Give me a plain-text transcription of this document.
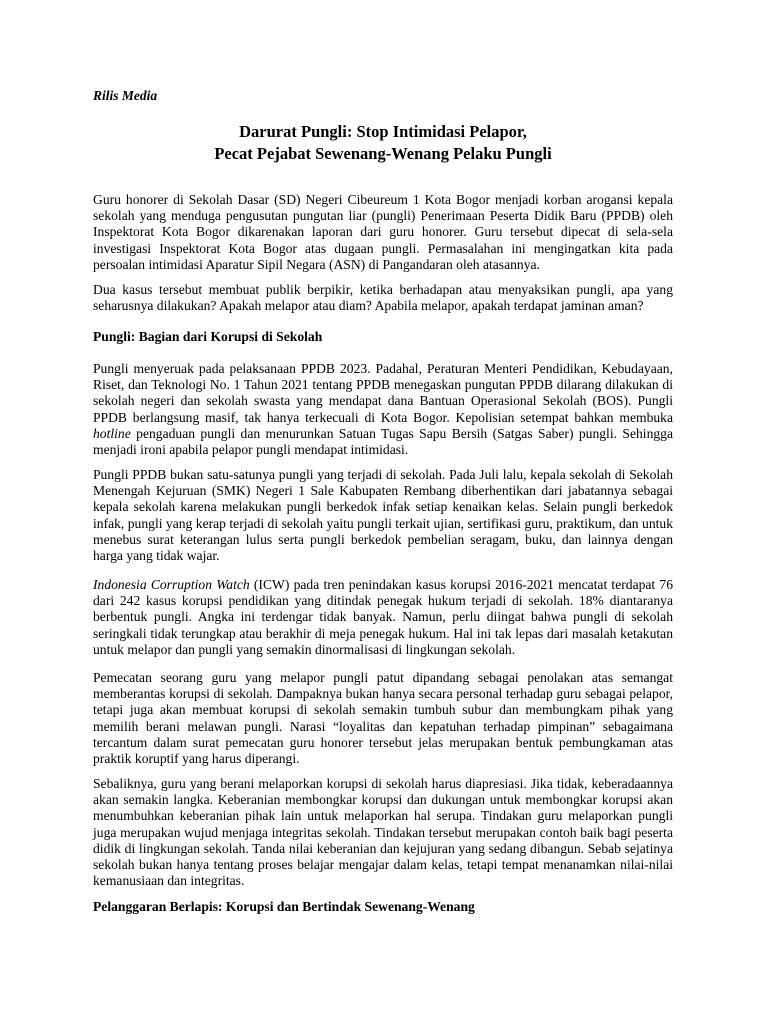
Rilis Media
Darurat Pungli: Stop Intimidasi Pelapor,
Pecat Pejabat Sewenang-Wenang Pelaku Pungli
Guru honorer di Sekolah Dasar (SD) Negeri Cibeureum 1 Kota Bogor menjadi korban arogansi kepala sekolah yang menduga pengusutan pungutan liar (pungli) Penerimaan Peserta Didik Baru (PPDB) oleh Inspektorat Kota Bogor dikarenakan laporan dari guru honorer. Guru tersebut dipecat di sela-sela investigasi Inspektorat Kota Bogor atas dugaan pungli. Permasalahan ini mengingatkan kita pada persoalan intimidasi Aparatur Sipil Negara (ASN) di Pangandaran oleh atasannya.
Dua kasus tersebut membuat publik berpikir, ketika berhadapan atau menyaksikan pungli, apa yang seharusnya dilakukan? Apakah melapor atau diam? Apabila melapor, apakah terdapat jaminan aman?
Pungli: Bagian dari Korupsi di Sekolah
Pungli menyeruak pada pelaksanaan PPDB 2023. Padahal, Peraturan Menteri Pendidikan, Kebudayaan, Riset, dan Teknologi No. 1 Tahun 2021 tentang PPDB menegaskan pungutan PPDB dilarang dilakukan di sekolah negeri dan sekolah swasta yang mendapat dana Bantuan Operasional Sekolah (BOS). Pungli PPDB berlangsung masif, tak hanya terkecuali di Kota Bogor. Kepolisian setempat bahkan membuka hotline pengaduan pungli dan menurunkan Satuan Tugas Sapu Bersih (Satgas Saber) pungli. Sehingga menjadi ironi apabila pelapor pungli mendapat intimidasi.
Pungli PPDB bukan satu-satunya pungli yang terjadi di sekolah. Pada Juli lalu, kepala sekolah di Sekolah Menengah Kejuruan (SMK) Negeri 1 Sale Kabupaten Rembang diberhentikan dari jabatannya sebagai kepala sekolah karena melakukan pungli berkedok infak setiap kenaikan kelas. Selain pungli berkedok infak, pungli yang kerap terjadi di sekolah yaitu pungli terkait ujian, sertifikasi guru, praktikum, dan untuk menebus surat keterangan lulus serta pungli berkedok pembelian seragam, buku, dan lainnya dengan harga yang tidak wajar.
Indonesia Corruption Watch (ICW) pada tren penindakan kasus korupsi 2016-2021 mencatat terdapat 76 dari 242 kasus korupsi pendidikan yang ditindak penegak hukum terjadi di sekolah. 18% diantaranya berbentuk pungli. Angka ini terdengar tidak banyak. Namun, perlu diingat bahwa pungli di sekolah seringkali tidak terungkap atau berakhir di meja penegak hukum. Hal ini tak lepas dari masalah ketakutan untuk melapor dan pungli yang semakin dinormalisasi di lingkungan sekolah.
Pemecatan seorang guru yang melapor pungli patut dipandang sebagai penolakan atas semangat memberantas korupsi di sekolah. Dampaknya bukan hanya secara personal terhadap guru sebagai pelapor, tetapi juga akan membuat korupsi di sekolah semakin tumbuh subur dan membungkam pihak yang memilih berani melawan pungli. Narasi “loyalitas dan kepatuhan terhadap pimpinan” sebagaimana tercantum dalam surat pemecatan guru honorer tersebut jelas merupakan bentuk pembungkaman atas praktik koruptif yang harus diperangi.
Sebaliknya, guru yang berani melaporkan korupsi di sekolah harus diapresiasi. Jika tidak, keberadaannya akan semakin langka. Keberanian membongkar korupsi dan dukungan untuk membongkar korupsi akan menumbuhkan keberanian pihak lain untuk melaporkan hal serupa. Tindakan guru melaporkan pungli juga merupakan wujud menjaga integritas sekolah. Tindakan tersebut merupakan contoh baik bagi peserta didik di lingkungan sekolah. Tanda nilai keberanian dan kejujuran yang sedang dibangun. Sebab sejatinya sekolah bukan hanya tentang proses belajar mengajar dalam kelas, tetapi tempat menanamkan nilai-nilai kemanusiaan dan integritas.
Pelanggaran Berlapis: Korupsi dan Bertindak Sewenang-Wenang
